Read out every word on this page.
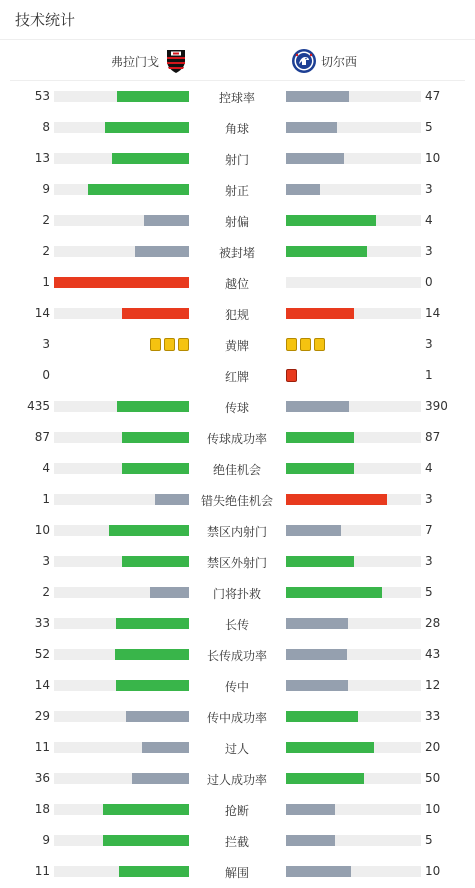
技术统计
弗拉门戈	切尔西
53	控球率	47
8	角球	5
13	射门	10
9	射正	3
2	射偏	4
2	被封堵	3
1	越位	0
14	犯规	14
3	黄牌	3
0	红牌	1
435	传球	390
87	传球成功率	87
4	绝佳机会	4
1	错失绝佳机会	3
10	禁区内射门	7
3	禁区外射门	3
2	门将扑救	5
33	长传	28
52	长传成功率	43
14	传中	12
29	传中成功率	33
11	过人	20
36	过人成功率	50
18	抢断	10
9	拦截	5
11	解围	10
